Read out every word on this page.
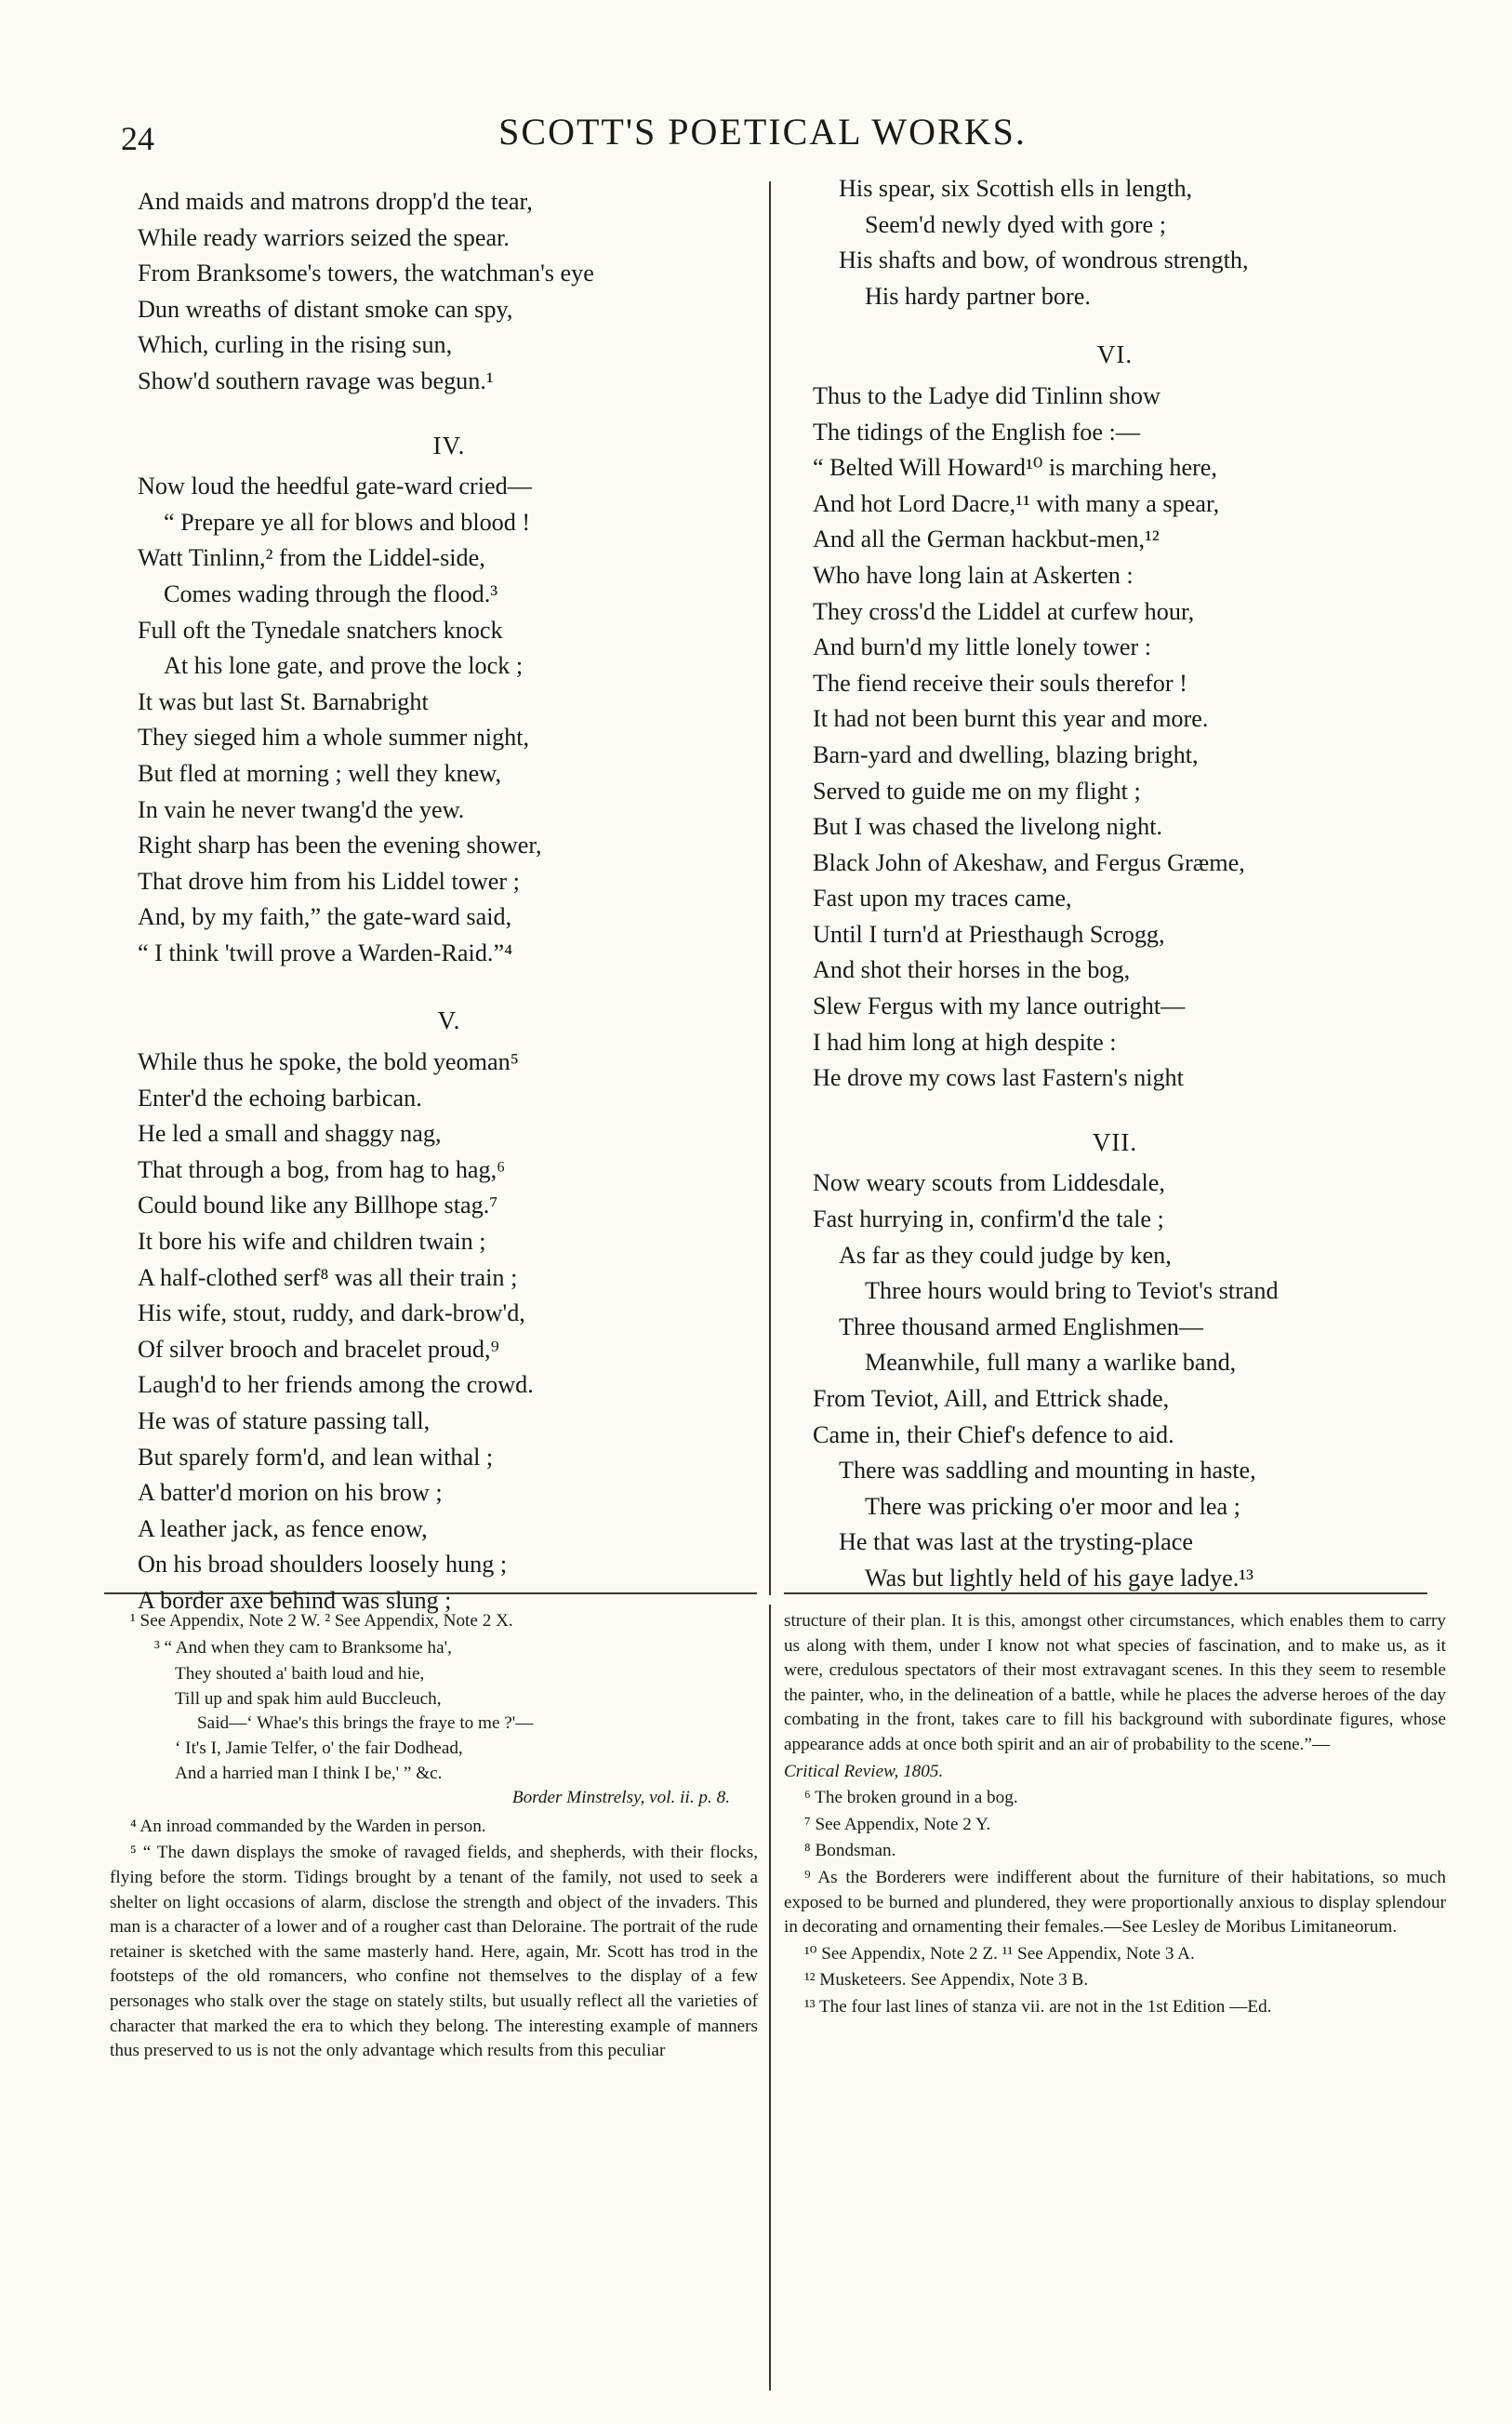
24	SCOTT'S POETICAL WORKS.
And maids and matrons dropp'd the tear,
While ready warriors seized the spear.
From Branksome's towers, the watchman's eye
Dun wreaths of distant smoke can spy,
Which, curling in the rising sun,
Show'd southern ravage was begun.¹
IV.
Now loud the heedful gate-ward cried—
“ Prepare ye all for blows and blood !
Watt Tinlinn,² from the Liddel-side,
Comes wading through the flood.³
Full oft the Tynedale snatchers knock
At his lone gate, and prove the lock ;
It was but last St. Barnabright
They sieged him a whole summer night,
But fled at morning ; well they knew,
In vain he never twang'd the yew.
Right sharp has been the evening shower,
That drove him from his Liddel tower ;
And, by my faith,” the gate-ward said,
“ I think 'twill prove a Warden-Raid.”⁴
V.
While thus he spoke, the bold yeoman⁵
Enter'd the echoing barbican.
He led a small and shaggy nag,
That through a bog, from hag to hag,⁶
Could bound like any Billhope stag.⁷
It bore his wife and children twain ;
A half-clothed serf⁸ was all their train ;
His wife, stout, ruddy, and dark-brow'd,
Of silver brooch and bracelet proud,⁹
Laugh'd to her friends among the crowd.
He was of stature passing tall,
But sparely form'd, and lean withal ;
A batter'd morion on his brow ;
A leather jack, as fence enow,
On his broad shoulders loosely hung ;
A border axe behind was slung ;
His spear, six Scottish ells in length,
Seem'd newly dyed with gore ;
His shafts and bow, of wondrous strength,
His hardy partner bore.
VI.
Thus to the Ladye did Tinlinn show
The tidings of the English foe :—
“ Belted Will Howard¹⁰ is marching here,
And hot Lord Dacre,¹¹ with many a spear,
And all the German hackbut-men,¹²
Who have long lain at Askerten :
They cross'd the Liddel at curfew hour,
And burn'd my little lonely tower :
The fiend receive their souls therefor !
It had not been burnt this year and more.
Barn-yard and dwelling, blazing bright,
Served to guide me on my flight ;
But I was chased the livelong night.
Black John of Akeshaw, and Fergus Græme,
Fast upon my traces came,
Until I turn'd at Priesthaugh Scrogg,
And shot their horses in the bog,
Slew Fergus with my lance outright—
I had him long at high despite :
He drove my cows last Fastern's night
VII.
Now weary scouts from Liddesdale,
Fast hurrying in, confirm'd the tale ;
As far as they could judge by ken,
Three hours would bring to Teviot's strand
Three thousand armed Englishmen—
Meanwhile, full many a warlike band,
From Teviot, Aill, and Ettrick shade,
Came in, their Chief's defence to aid.
There was saddling and mounting in haste,
There was pricking o'er moor and lea ;
He that was last at the trysting-place
Was but lightly held of his gaye ladye.¹³
¹ See Appendix, Note 2 W. ² See Appendix, Note 2 X.
³ “ And when they cam to Branksome ha',
They shouted a' baith loud and hie,
Till up and spak him auld Buccleuch,
Said—‘ Whae's this brings the fraye to me ?'—
‘ It's I, Jamie Telfer, o' the fair Dodhead,
And a harried man I think I be,' ” &c.
Border Minstrelsy, vol. ii. p. 8.
⁴ An inroad commanded by the Warden in person.
⁵ “ The dawn displays the smoke of ravaged fields, and shepherds, with their flocks, flying before the storm. Tidings brought by a tenant of the family, not used to seek a shelter on light occasions of alarm, disclose the strength and object of the invaders. This man is a character of a lower and of a rougher cast than Deloraine. The portrait of the rude retainer is sketched with the same masterly hand. Here, again, Mr. Scott has trod in the footsteps of the old romancers, who confine not themselves to the display of a few personages who stalk over the stage on stately stilts, but usually reflect all the varieties of character that marked the era to which they belong. The interesting example of manners thus preserved to us is not the only advantage which results from this peculiar
structure of their plan. It is this, amongst other circumstances, which enables them to carry us along with them, under I know not what species of fascination, and to make us, as it were, credulous spectators of their most extravagant scenes. In this they seem to resemble the painter, who, in the delineation of a battle, while he places the adverse heroes of the day combating in the front, takes care to fill his background with subordinate figures, whose appearance adds at once both spirit and an air of probability to the scene.”—
Critical Review, 1805.
⁶ The broken ground in a bog.
⁷ See Appendix, Note 2 Y.
⁸ Bondsman.
⁹ As the Borderers were indifferent about the furniture of their habitations, so much exposed to be burned and plundered, they were proportionally anxious to display splendour in decorating and ornamenting their females.—See Lesley de Moribus Limitaneorum.
¹⁰ See Appendix, Note 2 Z. ¹¹ See Appendix, Note 3 A.
¹² Musketeers. See Appendix, Note 3 B.
¹³ The four last lines of stanza vii. are not in the 1st Edition —Ed.
